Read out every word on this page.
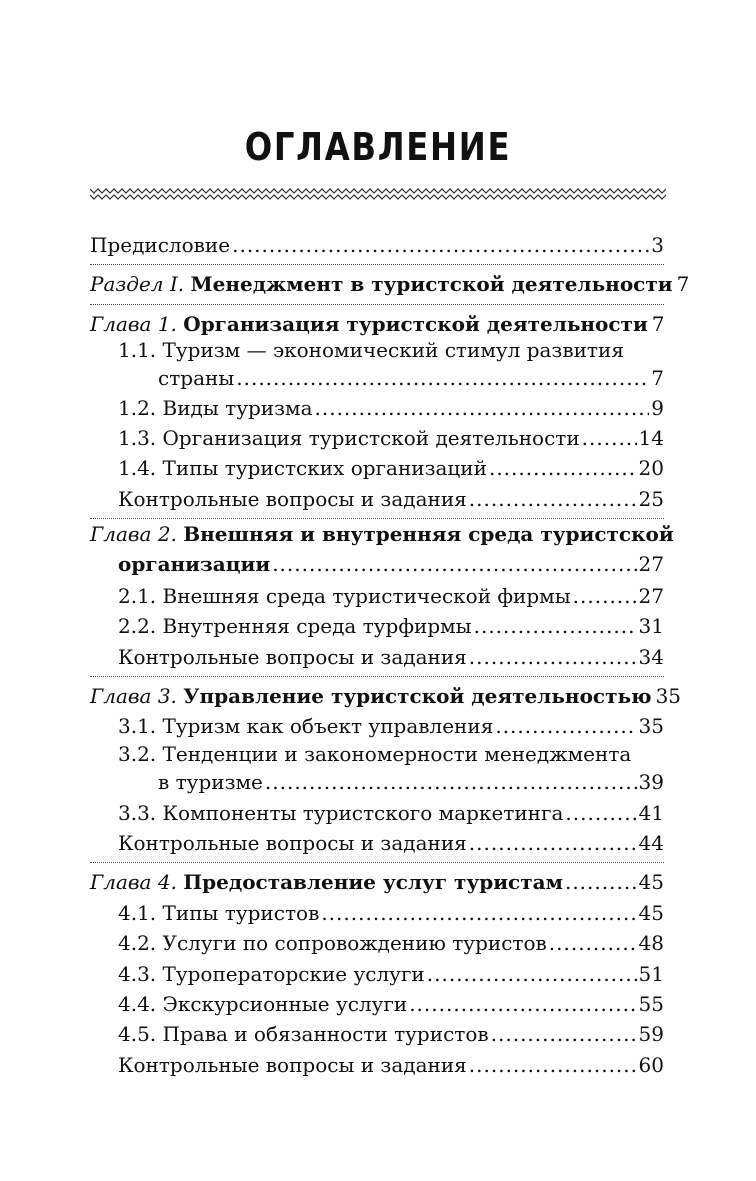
ОГЛАВЛЕНИЕ
Предисловие .....	3
Раздел I. Менеджмент в туристской деятельности 7
Глава 1. Организация туристской деятельности 7
1.1. Туризм — экономический стимул развития
страны .....	7
1.2. Виды туризма .....	9
1.3. Организация туристской деятельности .....	14
1.4. Типы туристских организаций .....	20
Контрольные вопросы и задания .....	25
Глава 2. Внешняя и внутренняя среда туристской
организации .....	27
2.1. Внешняя среда туристической фирмы .....	27
2.2. Внутренняя среда турфирмы .....	31
Контрольные вопросы и задания .....	34
Глава 3. Управление туристской деятельностью 35
3.1. Туризм как объект управления .....	35
3.2. Тенденции и закономерности менеджмента
в туризме .....	39
3.3. Компоненты туристского маркетинга .....	41
Контрольные вопросы и задания .....	44
Глава 4. Предоставление услуг туристам .....	45
4.1. Типы туристов .....	45
4.2. Услуги по сопровождению туристов .....	48
4.3. Туроператорские услуги .....	51
4.4. Экскурсионные услуги .....	55
4.5. Права и обязанности туристов .....	59
Контрольные вопросы и задания .....	60
